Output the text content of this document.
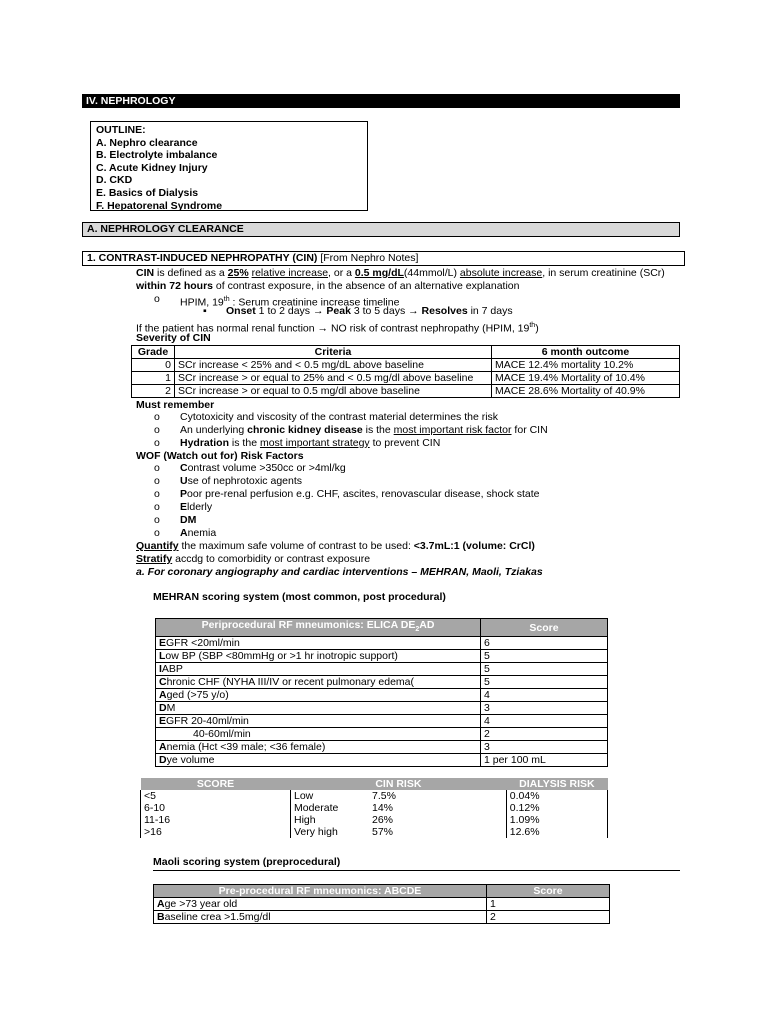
IV. NEPHROLOGY
OUTLINE:
A. Nephro clearance
B. Electrolyte imbalance
C. Acute Kidney Injury
D. CKD
E. Basics of Dialysis
F. Hepatorenal Syndrome
A. NEPHROLOGY CLEARANCE
1. CONTRAST-INDUCED NEPHROPATHY (CIN) [From Nephro Notes]
CIN is defined as a 25% relative increase, or a 0.5 mg/dL(44mmol/L) absolute increase, in serum creatinine (SCr)
within 72 hours of contrast exposure, in the absence of an alternative explanation
o HPIM, 19th : Serum creatinine increase timeline
▪ Onset 1 to 2 days → Peak 3 to 5 days → Resolves in 7 days
If the patient has normal renal function → NO risk of contrast nephropathy (HPIM, 19th)
Severity of CIN
Grade	Criteria	6 month outcome
0	SCr increase < 25% and < 0.5 mg/dL above baseline	MACE 12.4% mortality 10.2%
1	SCr increase > or equal to 25% and < 0.5 mg/dl above baseline	MACE 19.4% Mortality of 10.4%
2	SCr increase > or equal to 0.5 mg/dl above baseline	MACE 28.6% Mortality of 40.9%
Must remember
o Cytotoxicity and viscosity of the contrast material determines the risk
o An underlying chronic kidney disease is the most important risk factor for CIN
o Hydration is the most important strategy to prevent CIN
WOF (Watch out for) Risk Factors
o Contrast volume >350cc or >4ml/kg
o Use of nephrotoxic agents
o Poor pre-renal perfusion e.g. CHF, ascites, renovascular disease, shock state
o Elderly
o DM
o Anemia
Quantify the maximum safe volume of contrast to be used: <3.7mL:1 (volume: CrCl)
Stratify accdg to comorbidity or contrast exposure
a. For coronary angiography and cardiac interventions – MEHRAN, Maoli, Tziakas
MEHRAN scoring system (most common, post procedural)
Periprocedural RF mneumonics: ELICA $DE_2AD$	Score
EGFR <20ml/min	6
Low BP (SBP <80mmHg or >1 hr inotropic support)	5
IABP	5
Chronic CHF (NYHA III/IV or recent pulmonary edema(	5
Aged (>75 y/o)	4
DM	3
EGFR 20-40ml/min	4
40-60ml/min	2
Anemia (Hct <39 male; <36 female)	3
Dye volume	1 per 100 mL
SCORE	CIN RISK		DIALYSIS RISK
<5	Low	7.5%	0.04%
6-10	Moderate	14%	0.12%
11-16	High	26%	1.09%
>16	Very high	57%	12.6%
Maoli scoring system (preprocedural)
Pre-procedural RF mneumonics: ABCDE	Score
Age >73 year old	1
Baseline crea >1.5mg/dl	2
